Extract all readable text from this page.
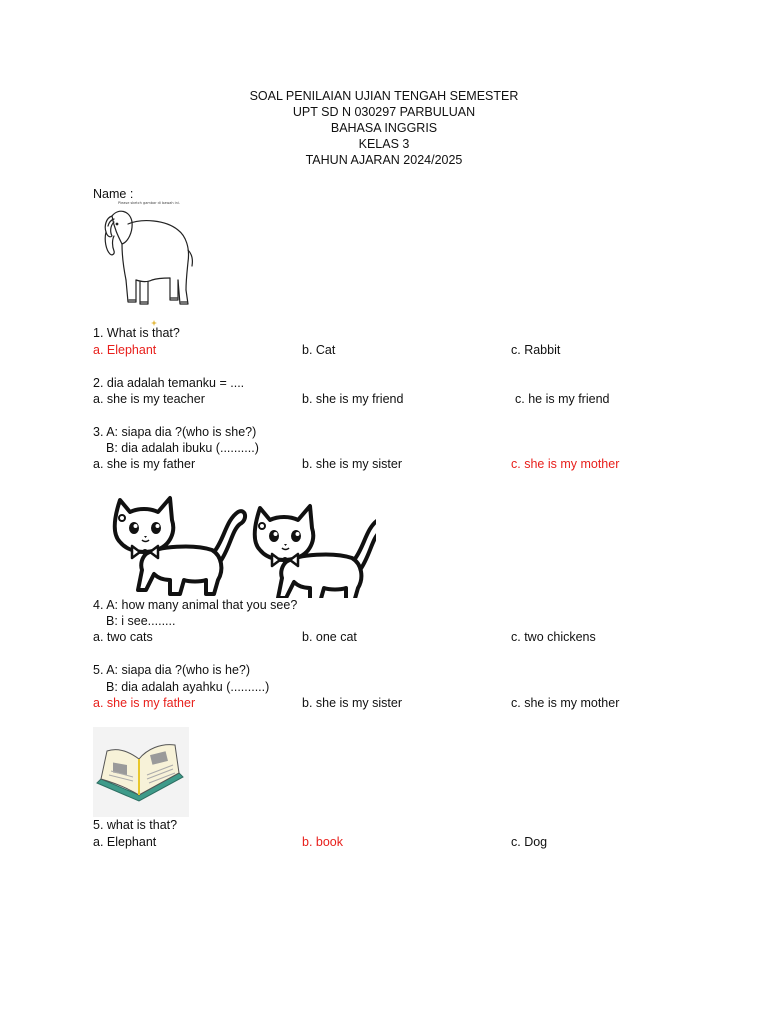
SOAL PENILAIAN UJIAN TENGAH SEMESTER
UPT SD N 030297 PARBULUAN
BAHASA INGGRIS
KELAS 3
TAHUN AJARAN 2024/2025
Name :
Please sketch gambar di bawah ini.
1. What is that?
a. Elephant	b. Cat	c. Rabbit
2. dia adalah temanku = ....
a. she is my teacher	b. she is my friend	c. he is my friend
3. A: siapa dia ?(who is she?)
B: dia adalah ibuku (..........)
a. she is my father	b. she is my sister	c. she is my mother
4. A: how many animal that you see?
B: i see........
a. two cats	b. one cat	c. two chickens
5. A: siapa dia ?(who is he?)
B: dia adalah ayahku (..........)
a. she is my father	b. she is my sister	c. she is my mother
5. what is that?
a. Elephant	b. book	c. Dog
